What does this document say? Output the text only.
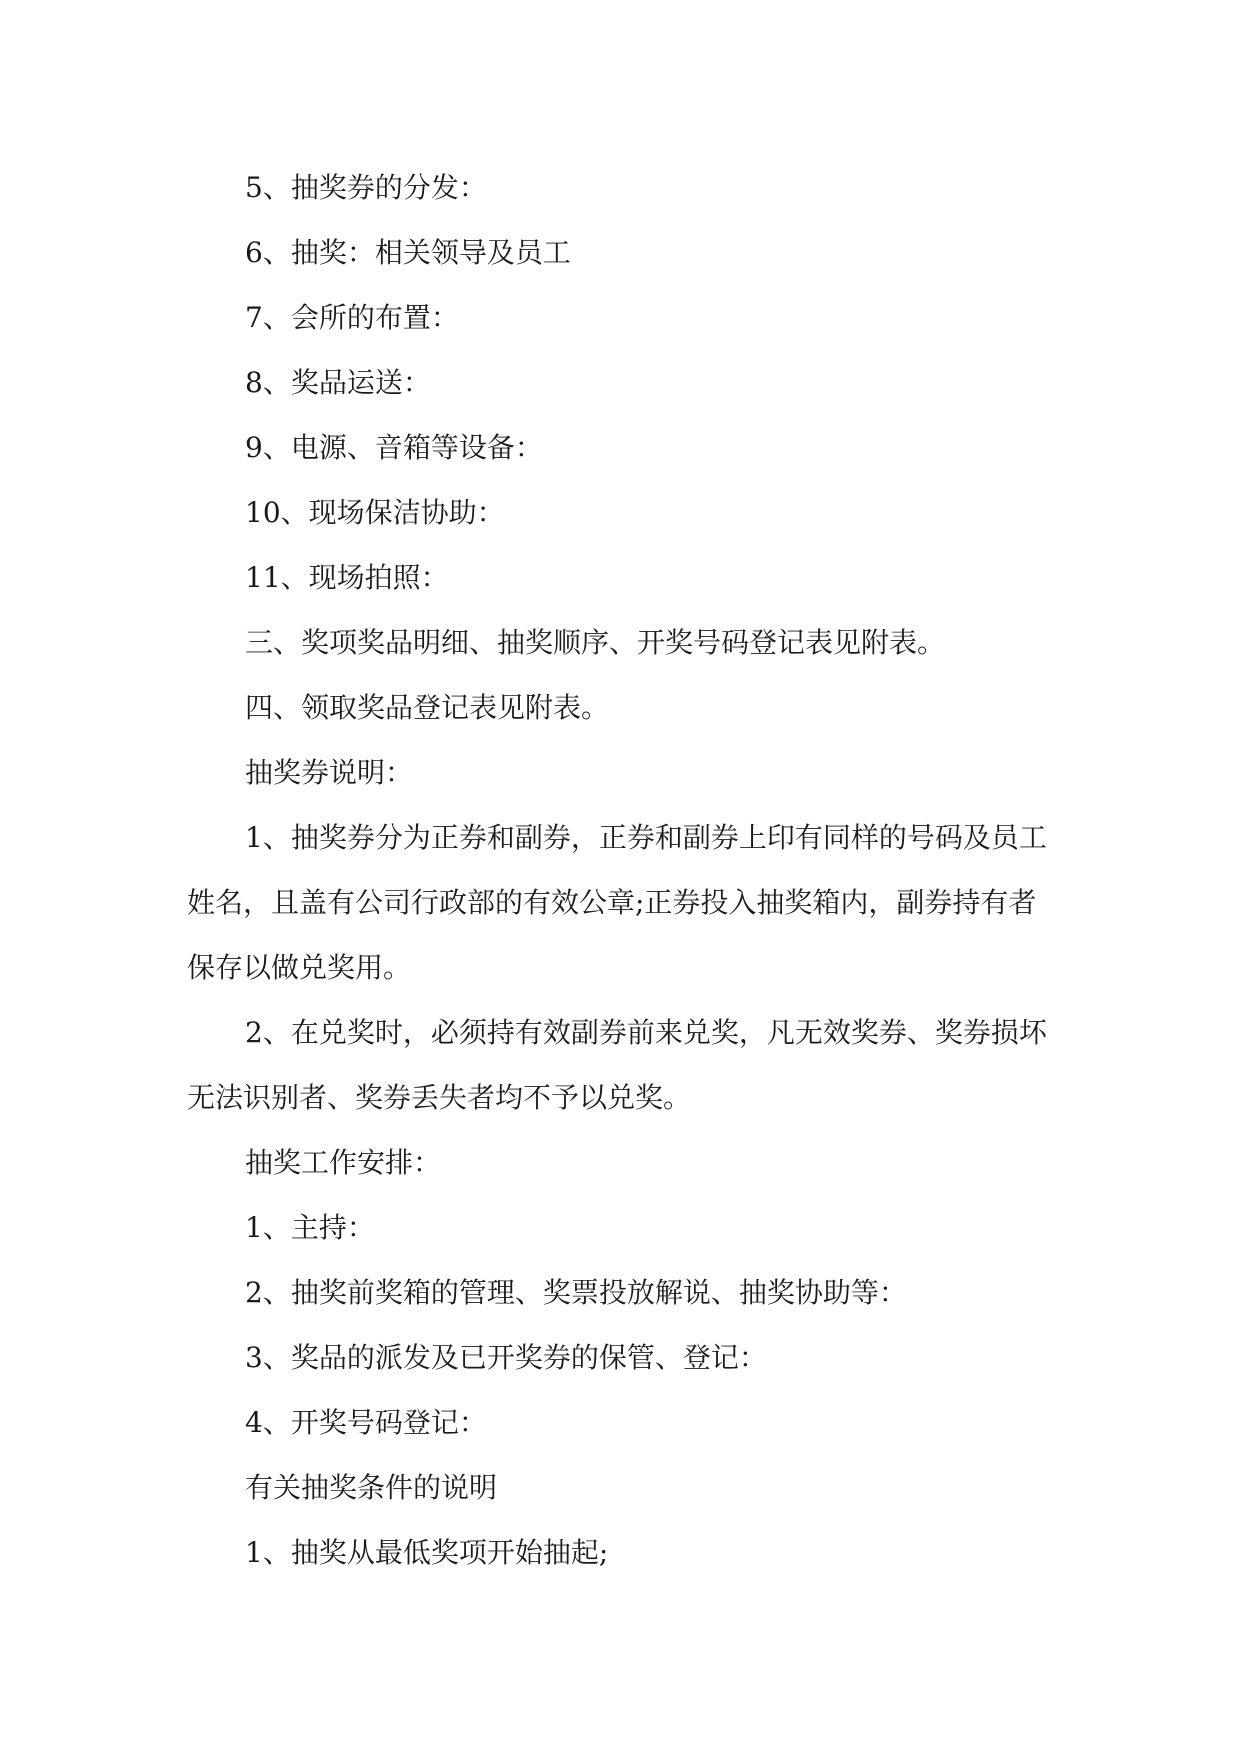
5、抽奖券的分发：

6、抽奖：相关领导及员工

7、会所的布置：

8、奖品运送：

9、电源、音箱等设备：

10、现场保洁协助：

11、现场拍照：

三、奖项奖品明细、抽奖顺序、开奖号码登记表见附表。

四、领取奖品登记表见附表。

抽奖券说明：

1、抽奖券分为正券和副券，正券和副券上印有同样的号码及员工姓名，且盖有公司行政部的有效公章;正券投入抽奖箱内，副券持有者保存以做兑奖用。

2、在兑奖时，必须持有效副券前来兑奖，凡无效奖券、奖券损坏无法识别者、奖券丢失者均不予以兑奖。

抽奖工作安排：

1、主持：

2、抽奖前奖箱的管理、奖票投放解说、抽奖协助等：

3、奖品的派发及已开奖券的保管、登记：

4、开奖号码登记：

有关抽奖条件的说明

1、抽奖从最低奖项开始抽起;
